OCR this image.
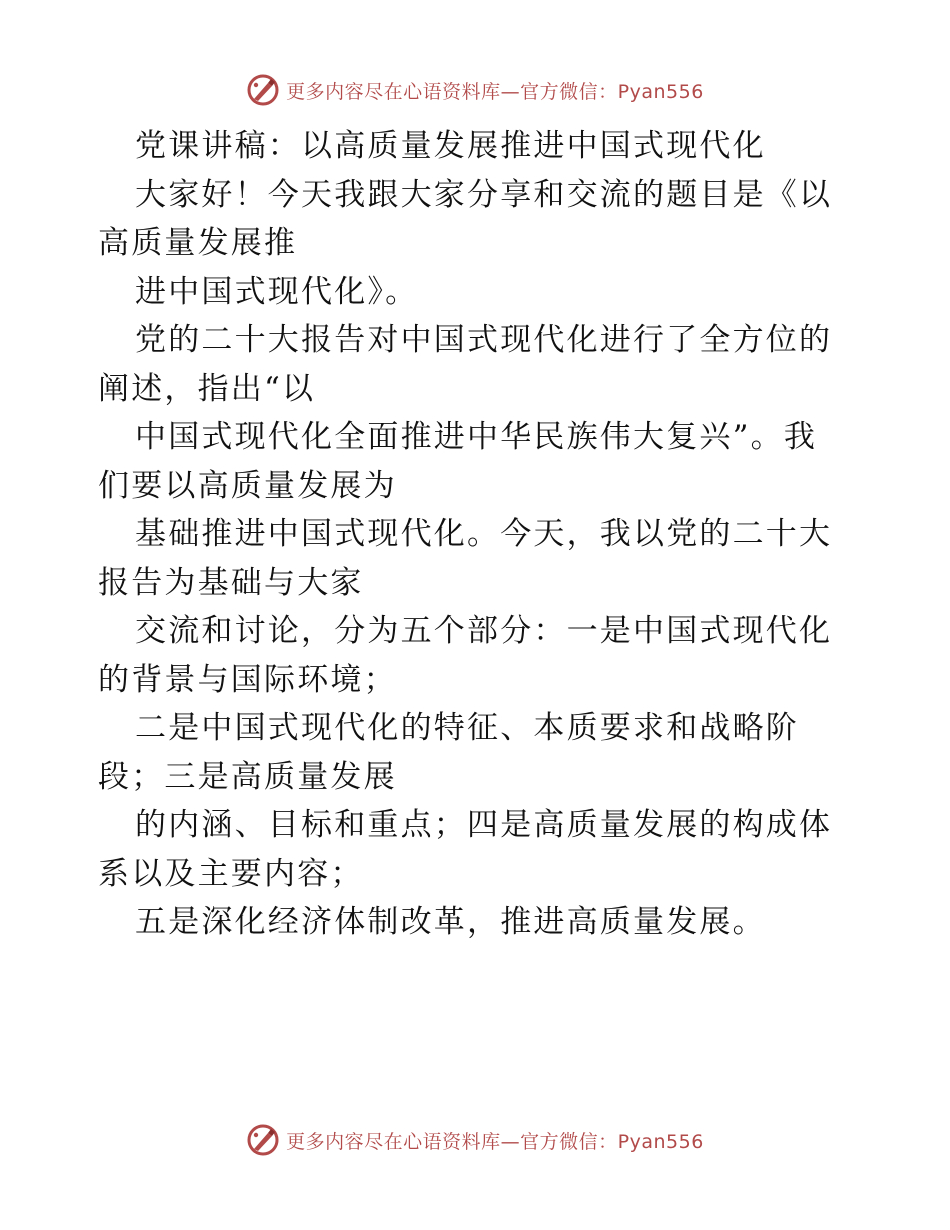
更多内容尽在心语资料库—官方微信：Pyan556
党课讲稿：以高质量发展推进中国式现代化
大家好！今天我跟大家分享和交流的题目是《以
高质量发展推
进中国式现代化》。
党的二十大报告对中国式现代化进行了全方位的
阐述，指出“以
中国式现代化全面推进中华民族伟大复兴”。我
们要以高质量发展为
基础推进中国式现代化。今天，我以党的二十大
报告为基础与大家
交流和讨论，分为五个部分：一是中国式现代化
的背景与国际环境；
二是中国式现代化的特征、本质要求和战略阶
段；三是高质量发展
的内涵、目标和重点；四是高质量发展的构成体
系以及主要内容；
五是深化经济体制改革，推进高质量发展。
更多内容尽在心语资料库—官方微信：Pyan556
